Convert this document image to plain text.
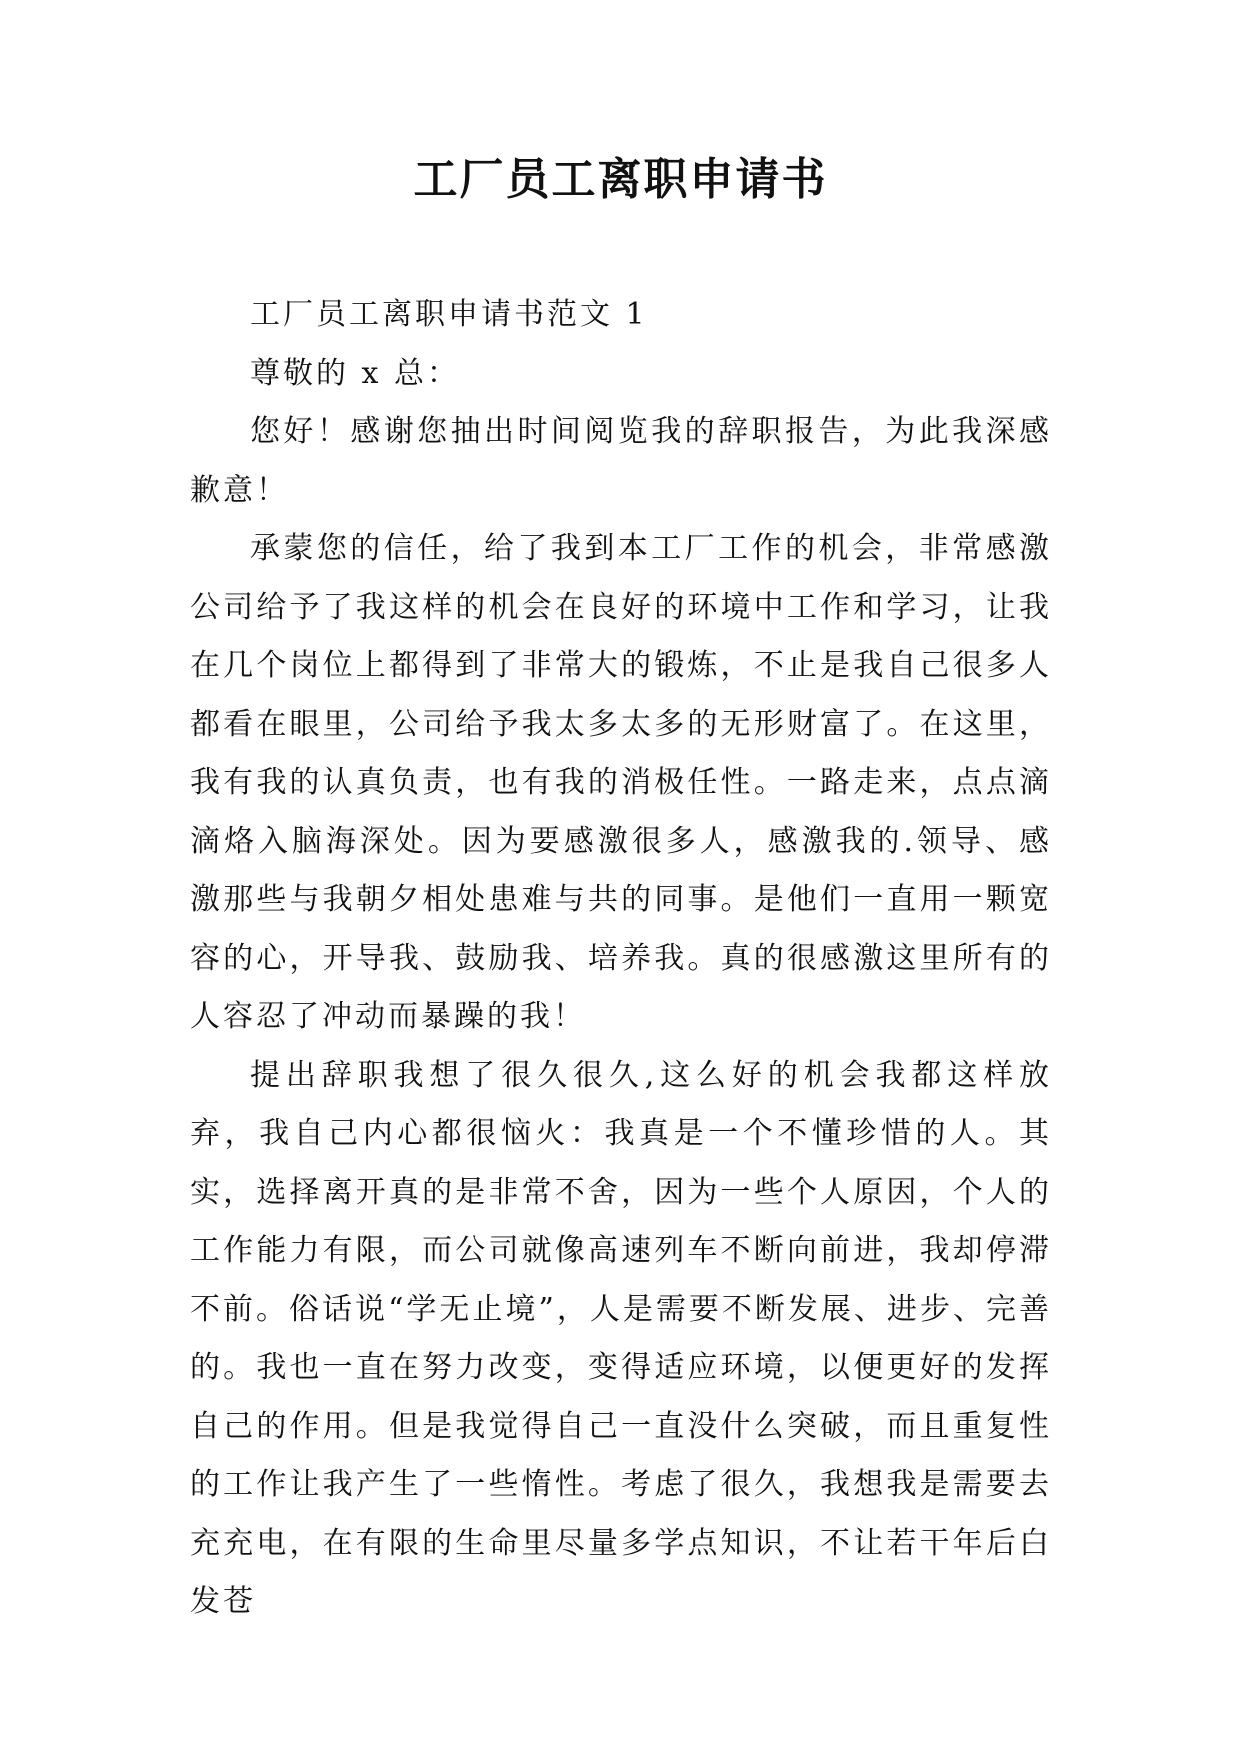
工厂员工离职申请书

工厂员工离职申请书范文 1

尊敬的 x 总：

您好！感谢您抽出时间阅览我的辞职报告，为此我深感歉意！

承蒙您的信任，给了我到本工厂工作的机会，非常感激公司给予了我这样的机会在良好的环境中工作和学习，让我在几个岗位上都得到了非常大的锻炼，不止是我自己很多人都看在眼里，公司给予我太多太多的无形财富了。在这里，我有我的认真负责，也有我的消极任性。一路走来，点点滴滴烙入脑海深处。因为要感激很多人，感激我的.领导、感激那些与我朝夕相处患难与共的同事。是他们一直用一颗宽容的心，开导我、鼓励我、培养我。真的很感激这里所有的人容忍了冲动而暴躁的我！

提出辞职我想了很久很久,这么好的机会我都这样放弃，我自己内心都很恼火：我真是一个不懂珍惜的人。其实，选择离开真的是非常不舍，因为一些个人原因，个人的工作能力有限，而公司就像高速列车不断向前进，我却停滞不前。俗话说“学无止境”，人是需要不断发展、进步、完善的。我也一直在努力改变，变得适应环境，以便更好的发挥自己的作用。但是我觉得自己一直没什么突破，而且重复性的工作让我产生了一些惰性。考虑了很久，我想我是需要去充充电，在有限的生命里尽量多学点知识，不让若干年后白发苍
